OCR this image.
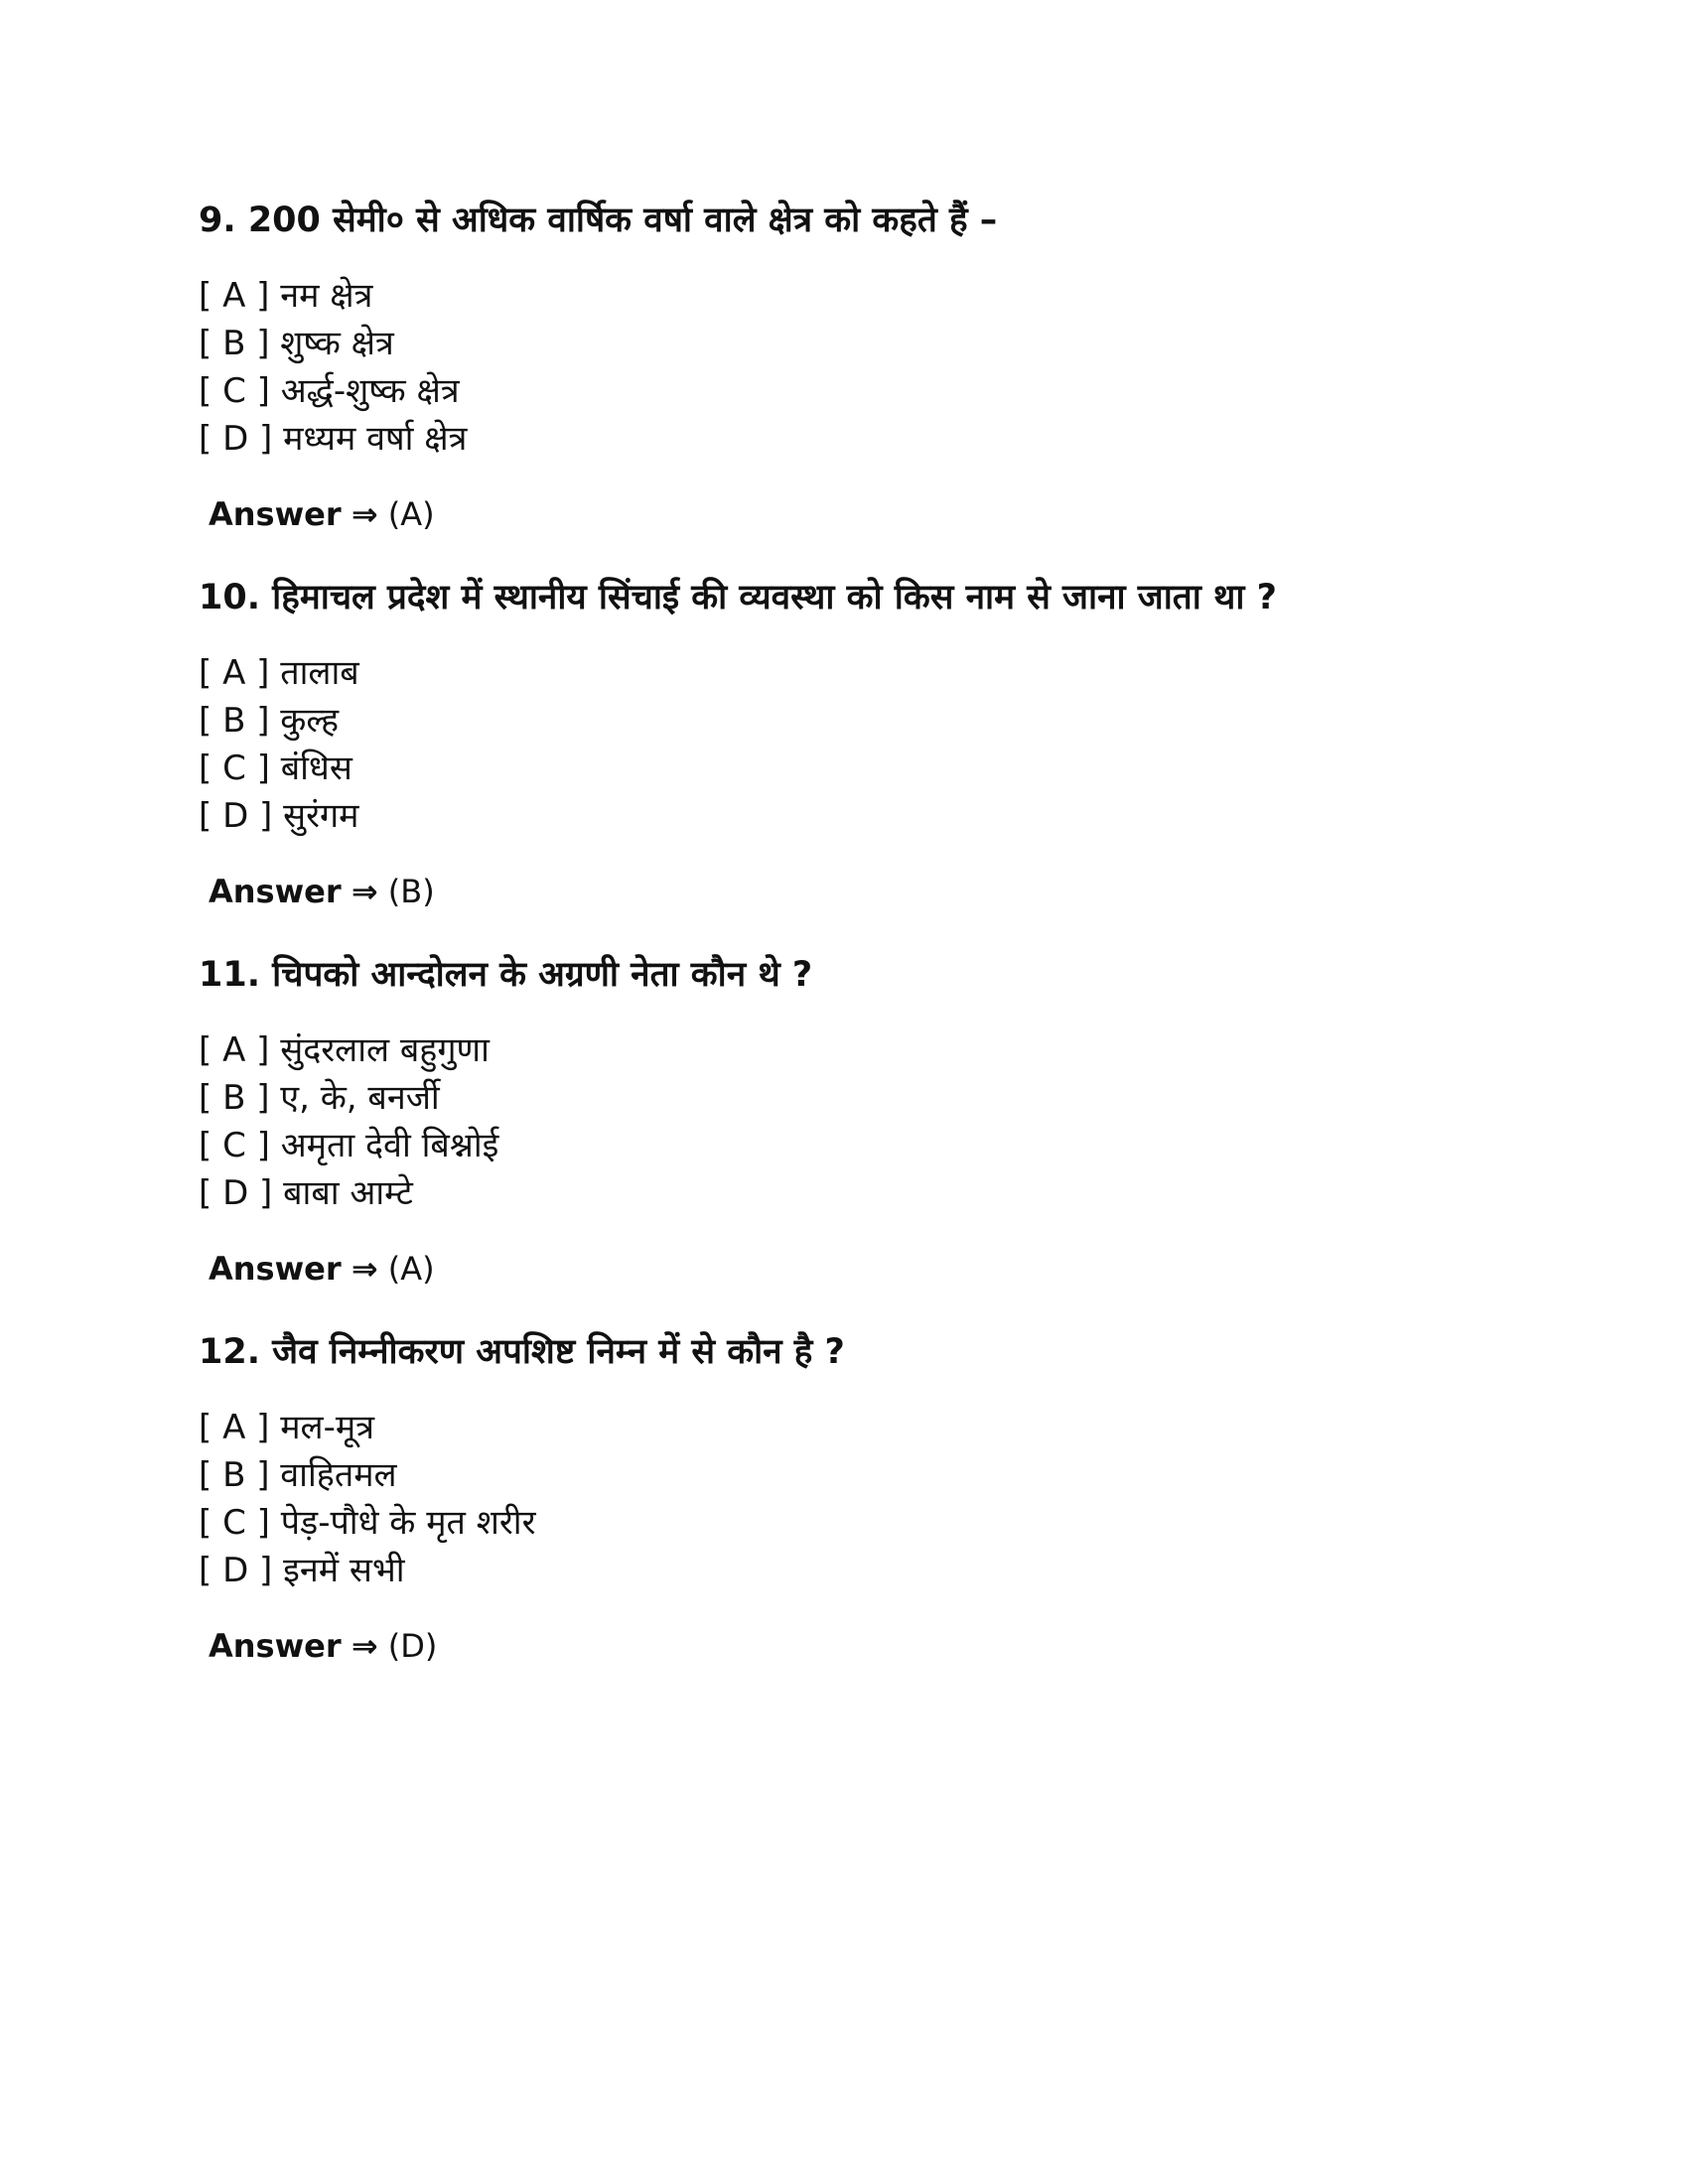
9. 200 सेमी० से अधिक वार्षिक वर्षा वाले क्षेत्र को कहते हैं –

[ A ] नम क्षेत्र
[ B ] शुष्क क्षेत्र
[ C ] अर्द्ध-शुष्क क्षेत्र
[ D ] मध्यम वर्षा क्षेत्र
Answer ⇒ (A)

10. हिमाचल प्रदेश में स्थानीय सिंचाई की व्यवस्था को किस नाम से जाना जाता था ?

[ A ] तालाब
[ B ] कुल्ह
[ C ] बंधिस
[ D ] सुरंगम
Answer ⇒ (B)

11. चिपको आन्दोलन के अग्रणी नेता कौन थे ?

[ A ] सुंदरलाल बहुगुणा
[ B ] ए, के, बनर्जी
[ C ] अमृता देवी बिश्नोई
[ D ] बाबा आम्टे
Answer ⇒ (A)

12. जैव निम्नीकरण अपशिष्ट निम्न में से कौन है ?

[ A ] मल-मूत्र
[ B ] वाहितमल
[ C ] पेड़-पौधे के मृत शरीर
[ D ] इनमें सभी
Answer ⇒ (D)
